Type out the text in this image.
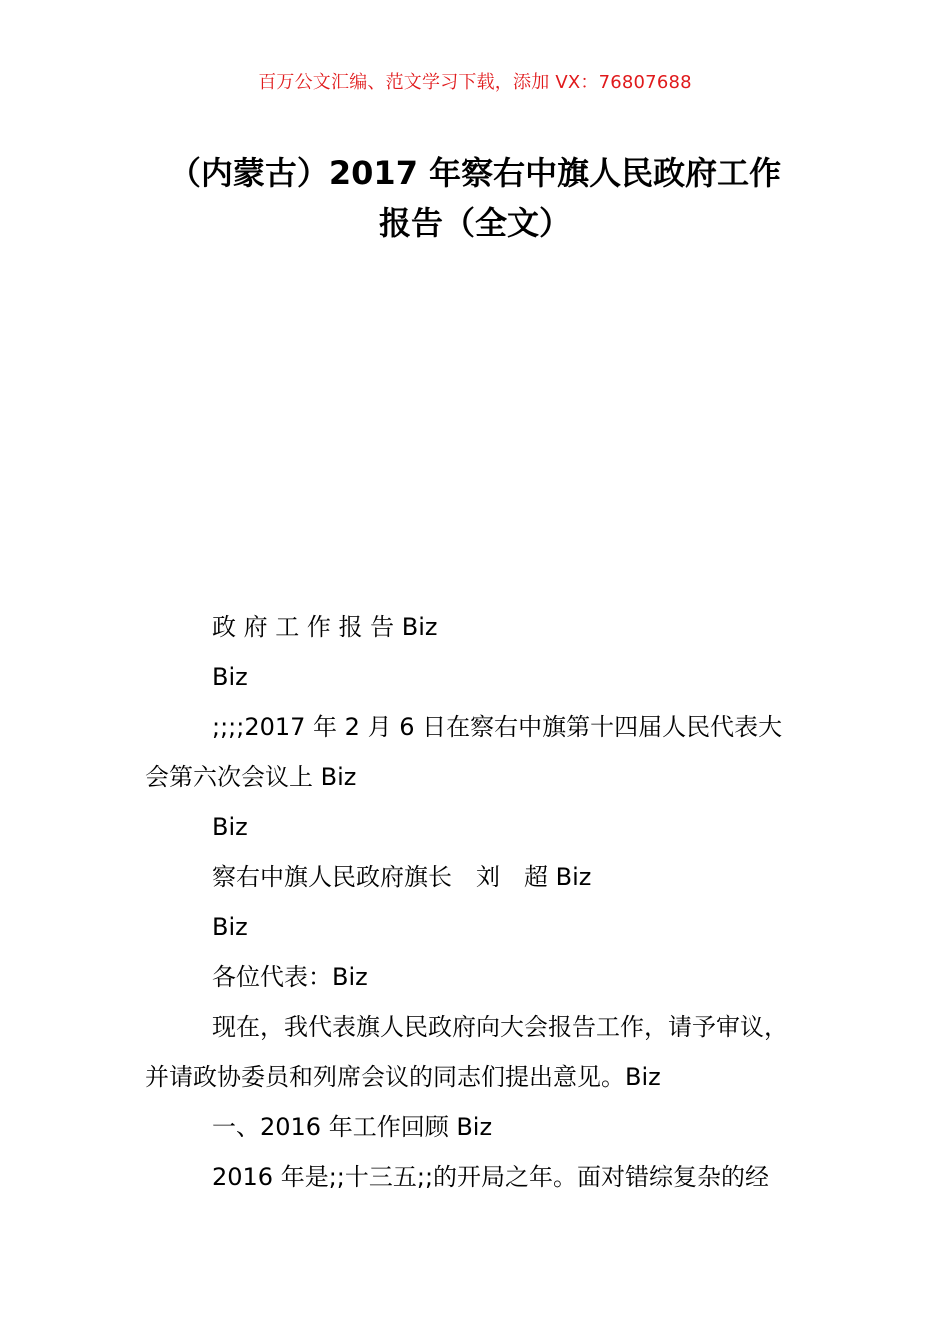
百万公文汇编、范文学习下载，添加 VX：76807688
（内蒙古）2017 年察右中旗人民政府工作
报告（全文）

政 府 工 作 报 告 Biz

Biz

;;;;2017 年 2 月 6 日在察右中旗第十四届人民代表大

会第六次会议上 Biz

Biz

察右中旗人民政府旗长　刘　超 Biz

Biz

各位代表：Biz

现在，我代表旗人民政府向大会报告工作，请予审议，

并请政协委员和列席会议的同志们提出意见。Biz

一、2016 年工作回顾 Biz

2016 年是;;十三五;;的开局之年。面对错综复杂的经
